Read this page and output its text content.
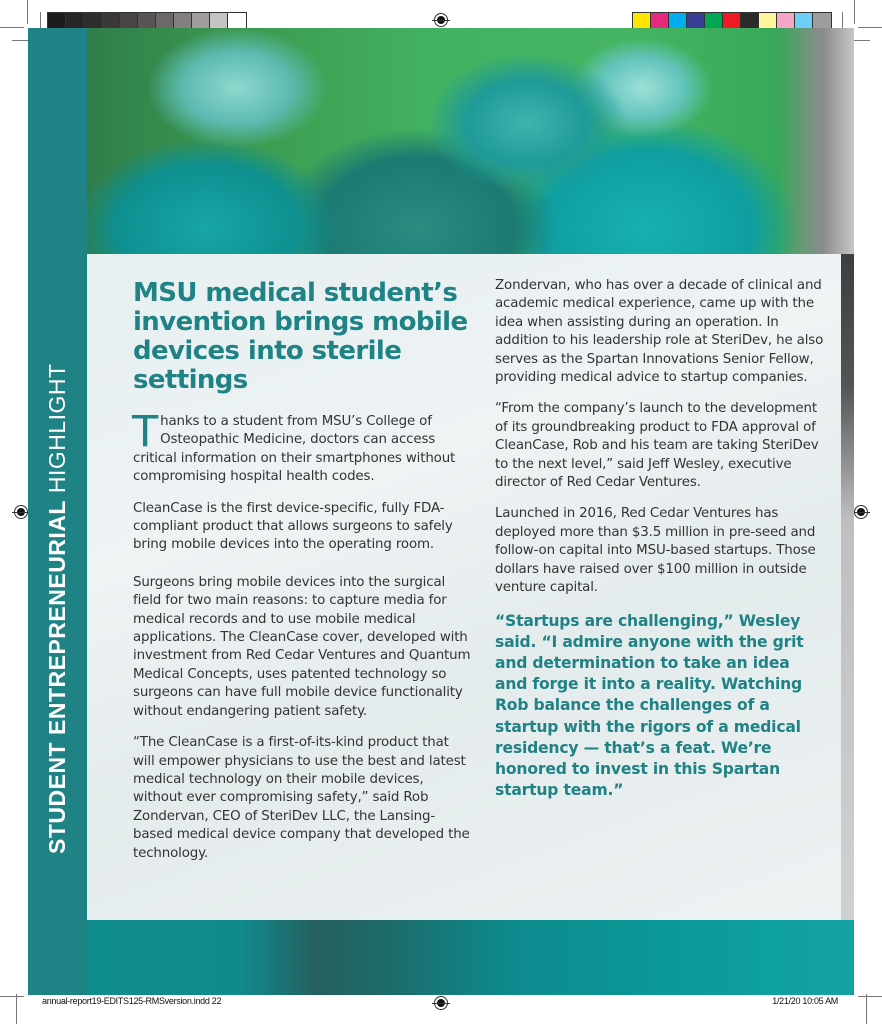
STUDENT ENTREPRENEURIAL HIGHLIGHT
MSU medical student’s invention brings mobile devices into sterile settings

Thanks to a student from MSU’s College of Osteopathic Medicine, doctors can access critical information on their smartphones without compromising hospital health codes.

CleanCase is the first device-specific, fully FDA-compliant product that allows surgeons to safely bring mobile devices into the operating room.

Surgeons bring mobile devices into the surgical field for two main reasons: to capture media for medical records and to use mobile medical applications. The CleanCase cover, developed with investment from Red Cedar Ventures and Quantum Medical Concepts, uses patented technology so surgeons can have full mobile device functionality without endangering patient safety.

“The CleanCase is a first-of-its-kind product that will empower physicians to use the best and latest medical technology on their mobile devices, without ever compromising safety,” said Rob Zondervan, CEO of SteriDev LLC, the Lansing-based medical device company that developed the technology.

Zondervan, who has over a decade of clinical and academic medical experience, came up with the idea when assisting during an operation. In addition to his leadership role at SteriDev, he also serves as the Spartan Innovations Senior Fellow, providing medical advice to startup companies.

“From the company’s launch to the development of its groundbreaking product to FDA approval of CleanCase, Rob and his team are taking SteriDev to the next level,” said Jeff Wesley, executive director of Red Cedar Ventures.

Launched in 2016, Red Cedar Ventures has deployed more than $3.5 million in pre-seed and follow-on capital into MSU-based startups. Those dollars have raised over $100 million in outside venture capital.

“Startups are challenging,” Wesley said. “I admire anyone with the grit and determination to take an idea and forge it into a reality. Watching Rob balance the challenges of a startup with the rigors of a medical residency — that’s a feat. We’re honored to invest in this Spartan startup team.”

annual-report19-EDITS125-RMSversion.indd 22	1/21/20 10:05 AM
